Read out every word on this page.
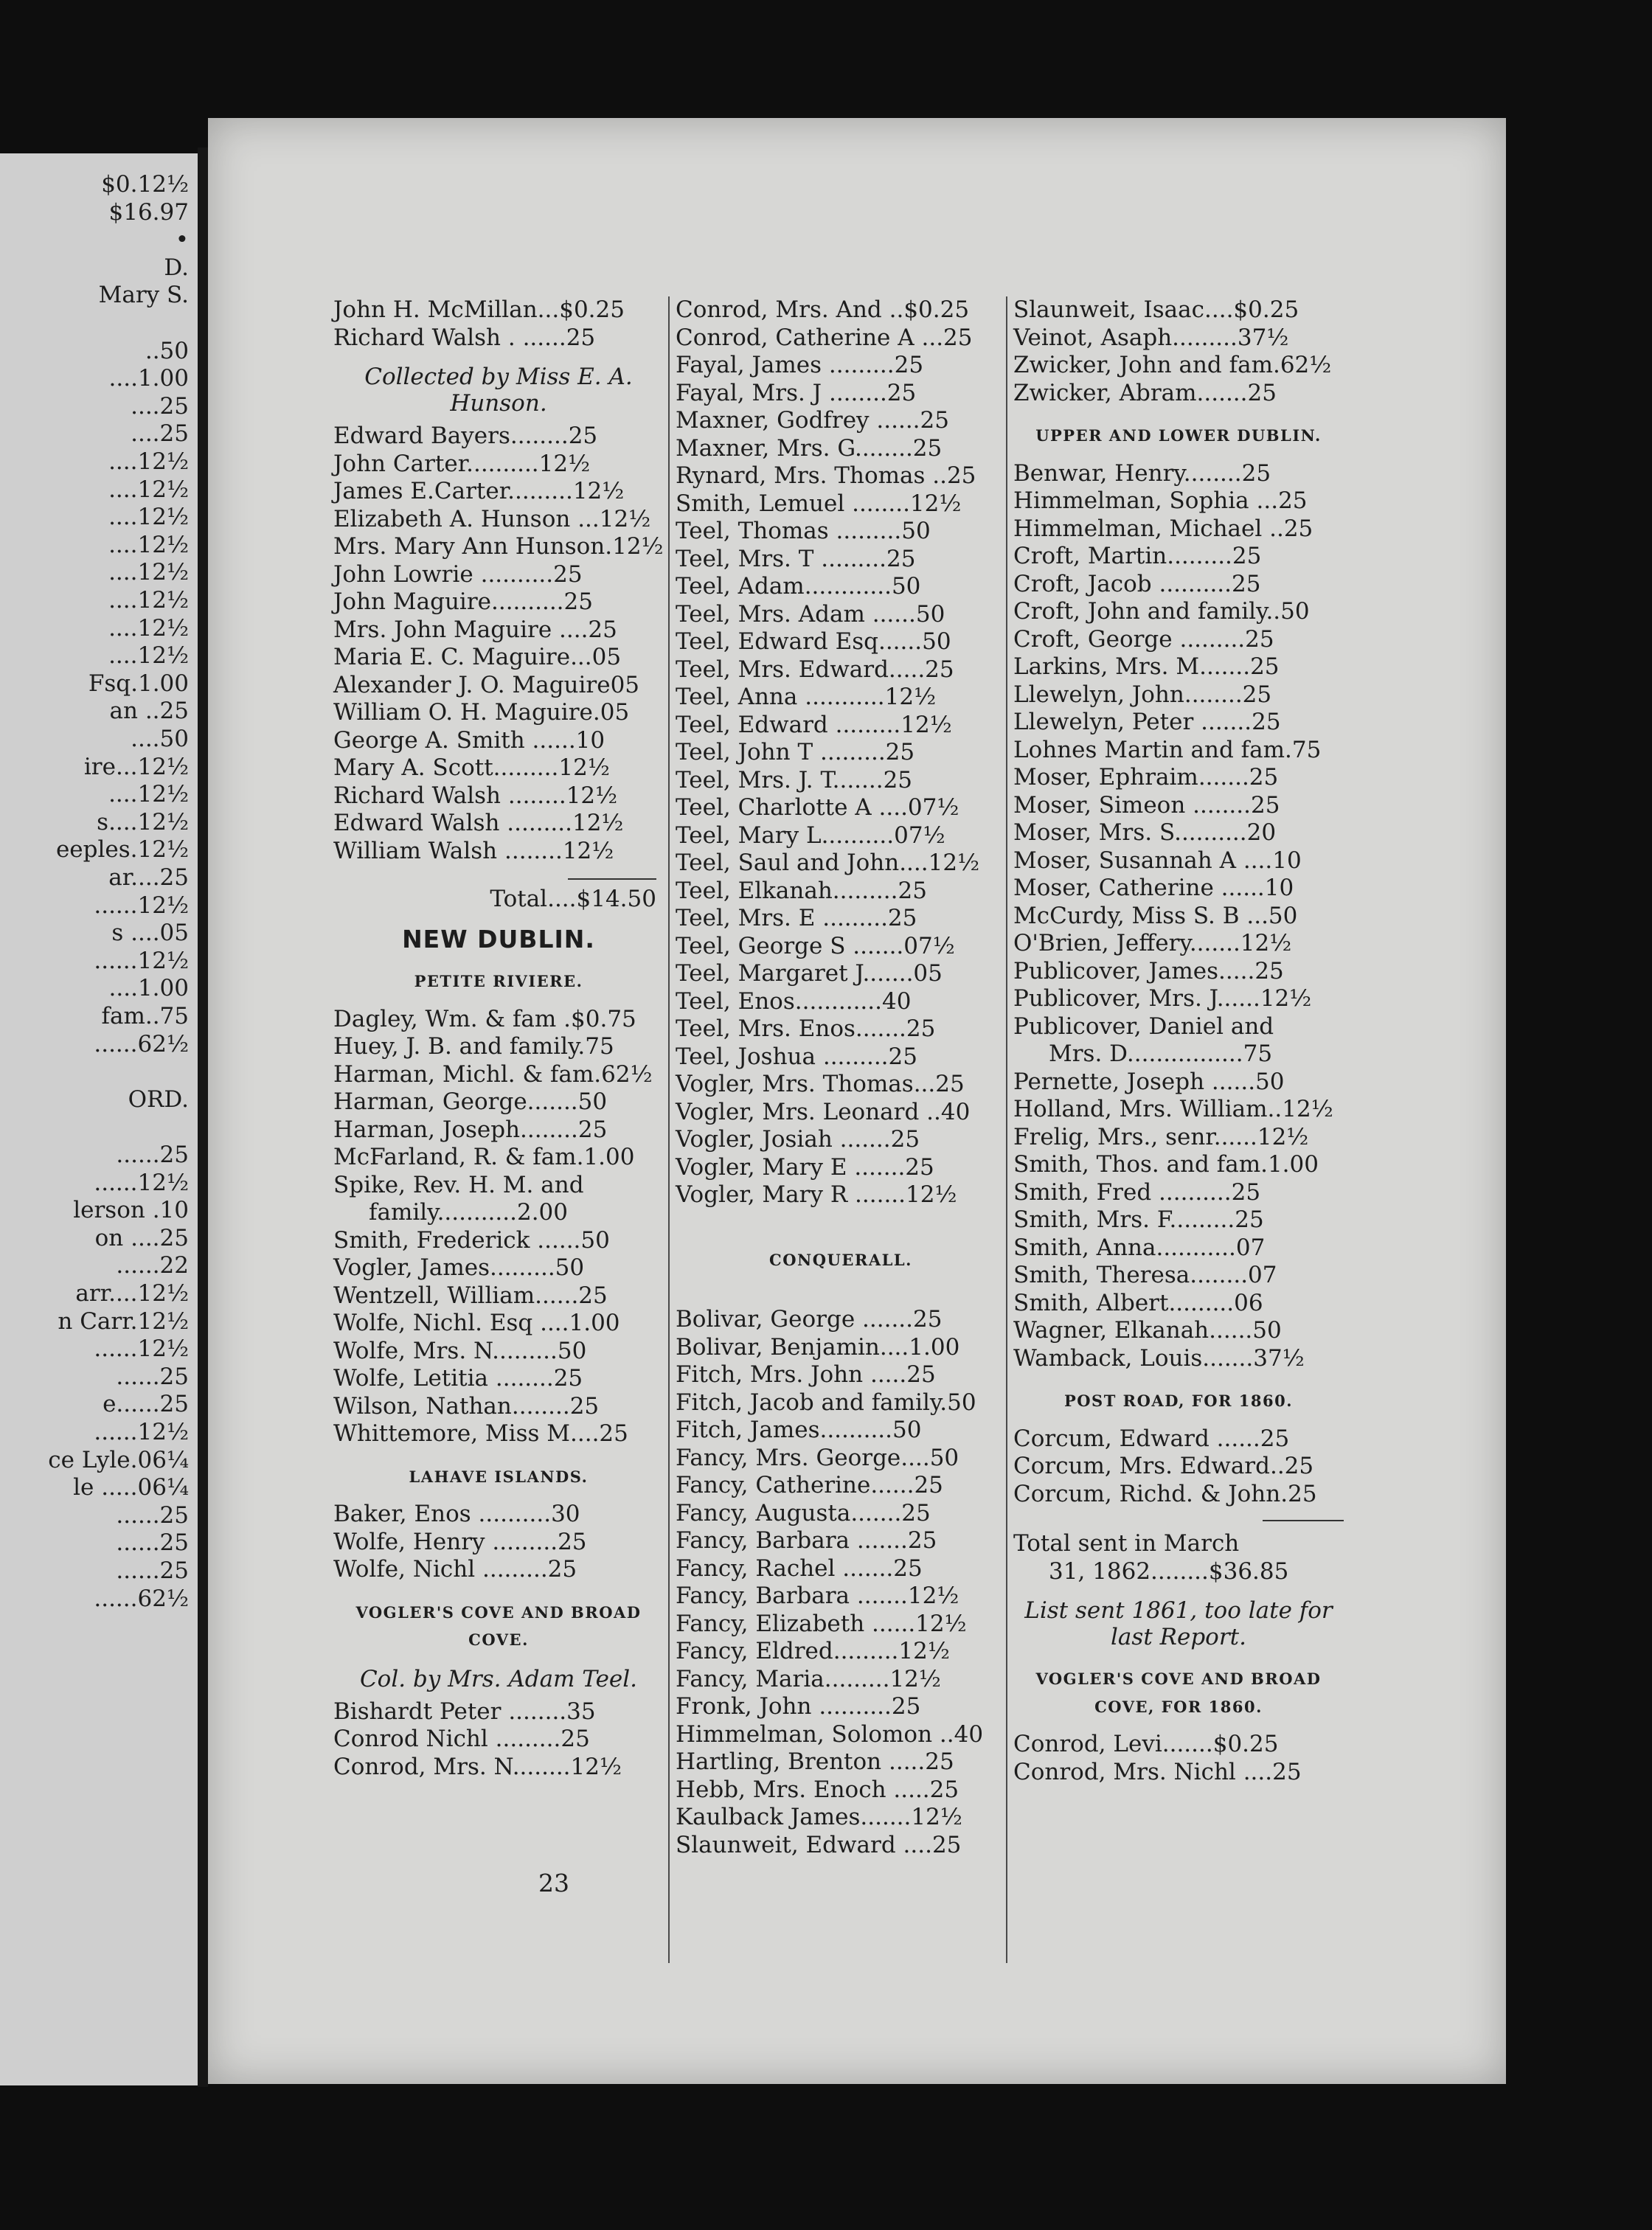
$0.12½
$16.97
•
D.
Mary S.
..50
....1.00
....25
....25
....12½
....12½
....12½
....12½
....12½
....12½
....12½
....12½
Fsq.1.00
an ..25
....50
ire...12½
....12½
s....12½
eeples.12½
ar....25
......12½
s ....05
......12½
....1.00
fam..75
......62½
ORD.
......25
......12½
lerson .10
on ....25
......22
arr....12½
n Carr.12½
......12½
......25
e......25
......12½
ce Lyle.06¼
le .....06¼
......25
......25
......25
......62½
John H. McMillan...$0.25
Richard Walsh . ......25
Collected by Miss E. A.
Hunson.
Edward Bayers........25
John Carter..........12½
James E.Carter.........12½
Elizabeth A. Hunson ...12½
Mrs. Mary Ann Hunson.12½
John Lowrie ..........25
John Maguire..........25
Mrs. John Maguire ....25
Maria E. C. Maguire...05
Alexander J. O. Maguire05
William O. H. Maguire.05
George A. Smith ......10
Mary A. Scott.........12½
Richard Walsh ........12½
Edward Walsh .........12½
William Walsh ........12½
Total....$14.50
NEW DUBLIN.
PETITE RIVIERE.
Dagley, Wm. & fam .$0.75
Huey, J. B. and family.75
Harman, Michl. & fam.62½
Harman, George.......50
Harman, Joseph........25
McFarland, R. & fam.1.00
Spike, Rev. H. M. and
family...........2.00
Smith, Frederick ......50
Vogler, James.........50
Wentzell, William......25
Wolfe, Nichl. Esq ....1.00
Wolfe, Mrs. N.........50
Wolfe, Letitia ........25
Wilson, Nathan........25
Whittemore, Miss M....25
LAHAVE ISLANDS.
Baker, Enos ..........30
Wolfe, Henry .........25
Wolfe, Nichl .........25
VOGLER'S COVE AND BROAD
COVE.
Col. by Mrs. Adam Teel.
Bishardt Peter ........35
Conrod Nichl .........25
Conrod, Mrs. N........12½
Conrod, Mrs. And ..$0.25
Conrod, Catherine A ...25
Fayal, James .........25
Fayal, Mrs. J ........25
Maxner, Godfrey ......25
Maxner, Mrs. G........25
Rynard, Mrs. Thomas ..25
Smith, Lemuel ........12½
Teel, Thomas .........50
Teel, Mrs. T .........25
Teel, Adam............50
Teel, Mrs. Adam ......50
Teel, Edward Esq......50
Teel, Mrs. Edward.....25
Teel, Anna ...........12½
Teel, Edward .........12½
Teel, John T .........25
Teel, Mrs. J. T.......25
Teel, Charlotte A ....07½
Teel, Mary L..........07½
Teel, Saul and John....12½
Teel, Elkanah.........25
Teel, Mrs. E .........25
Teel, George S .......07½
Teel, Margaret J.......05
Teel, Enos............40
Teel, Mrs. Enos.......25
Teel, Joshua .........25
Vogler, Mrs. Thomas...25
Vogler, Mrs. Leonard ..40
Vogler, Josiah .......25
Vogler, Mary E .......25
Vogler, Mary R .......12½
CONQUERALL.
Bolivar, George .......25
Bolivar, Benjamin....1.00
Fitch, Mrs. John .....25
Fitch, Jacob and family.50
Fitch, James..........50
Fancy, Mrs. George....50
Fancy, Catherine......25
Fancy, Augusta.......25
Fancy, Barbara .......25
Fancy, Rachel .......25
Fancy, Barbara .......12½
Fancy, Elizabeth ......12½
Fancy, Eldred.........12½
Fancy, Maria.........12½
Fronk, John ..........25
Himmelman, Solomon ..40
Hartling, Brenton .....25
Hebb, Mrs. Enoch .....25
Kaulback James.......12½
Slaunweit, Edward ....25
Slaunweit, Isaac....$0.25
Veinot, Asaph.........37½
Zwicker, John and fam.62½
Zwicker, Abram.......25
UPPER AND LOWER DUBLIN.
Benwar, Henry........25
Himmelman, Sophia ...25
Himmelman, Michael ..25
Croft, Martin.........25
Croft, Jacob ..........25
Croft, John and family..50
Croft, George .........25
Larkins, Mrs. M.......25
Llewelyn, John........25
Llewelyn, Peter .......25
Lohnes Martin and fam.75
Moser, Ephraim.......25
Moser, Simeon ........25
Moser, Mrs. S..........20
Moser, Susannah A ....10
Moser, Catherine ......10
McCurdy, Miss S. B ...50
O'Brien, Jeffery.......12½
Publicover, James.....25
Publicover, Mrs. J......12½
Publicover, Daniel and
Mrs. D................75
Pernette, Joseph ......50
Holland, Mrs. William..12½
Frelig, Mrs., senr......12½
Smith, Thos. and fam.1.00
Smith, Fred ..........25
Smith, Mrs. F.........25
Smith, Anna...........07
Smith, Theresa........07
Smith, Albert.........06
Wagner, Elkanah......50
Wamback, Louis.......37½
POST ROAD, FOR 1860.
Corcum, Edward ......25
Corcum, Mrs. Edward..25
Corcum, Richd. & John.25
Total sent in March
31, 1862........$36.85
List sent 1861, too late for
last Report.
VOGLER'S COVE AND BROAD
COVE, FOR 1860.
Conrod, Levi.......$0.25
Conrod, Mrs. Nichl ....25
23
